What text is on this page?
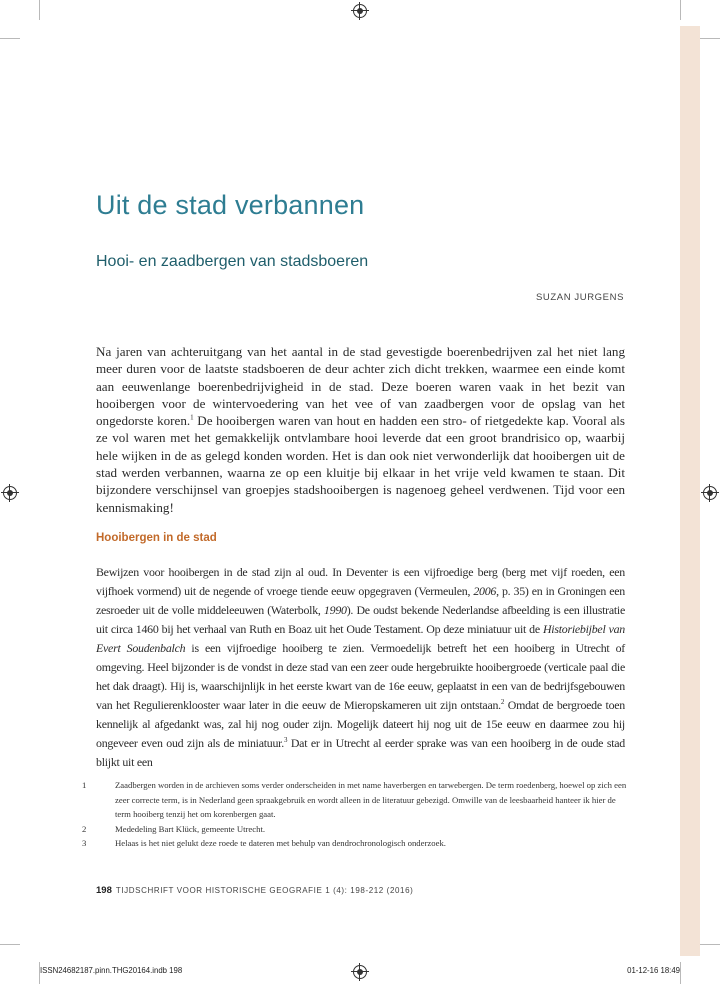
Uit de stad verbannen
Hooi- en zaadbergen van stadsboeren
SUZAN JURGENS

Na jaren van achteruitgang van het aantal in de stad gevestigde boerenbedrijven zal het niet lang meer duren voor de laatste stadsboeren de deur achter zich dicht trekken, waarmee een einde komt aan eeuwenlange boerenbedrijvigheid in de stad. Deze boeren waren vaak in het bezit van hooibergen voor de wintervoedering van het vee of van zaadbergen voor de opslag van het ongedorste koren.$^1$ De hooibergen waren van hout en hadden een stro- of rietgedekte kap. Vooral als ze vol waren met het gemakkelijk ontvlambare hooi leverde dat een groot brandrisico op, waarbij hele wijken in de as gelegd konden worden. Het is dan ook niet verwonderlijk dat hooibergen uit de stad werden verbannen, waarna ze op een kluitje bij elkaar in het vrije veld kwamen te staan. Dit bijzondere verschijnsel van groepjes stadshooibergen is nagenoeg geheel verdwenen. Tijd voor een kennismaking!

Hooibergen in de stad

Bewijzen voor hooibergen in de stad zijn al oud. In Deventer is een vijfroedige berg (berg met vijf roeden, een vijfhoek vormend) uit de negende of vroege tiende eeuw opgegraven (Vermeulen, 2006, p. 35) en in Groningen een zesroeder uit de volle middeleeuwen (Waterbolk, 1990). De oudst bekende Nederlandse afbeelding is een illustratie uit circa 1460 bij het verhaal van Ruth en Boaz uit het Oude Testament. Op deze miniatuur uit de Historiebijbel van Evert Soudenbalch is een vijfroedige hooiberg te zien. Vermoedelijk betreft het een hooiberg in Utrecht of omgeving. Heel bijzonder is de vondst in deze stad van een zeer oude hergebruikte hooibergroede (verticale paal die het dak draagt). Hij is, waarschijnlijk in het eerste kwart van de 16e eeuw, geplaatst in een van de bedrijfsgebouwen van het Regulierenklooster waar later in die eeuw de Mieropskameren uit zijn ontstaan.$^2$ Omdat de bergroede toen kennelijk al afgedankt was, zal hij nog ouder zijn. Mogelijk dateert hij nog uit de 15e eeuw en daarmee zou hij ongeveer even oud zijn als de miniatuur.$^3$ Dat er in Utrecht al eerder sprake was van een hooiberg in de oude stad blijkt uit een

1	Zaadbergen worden in de archieven soms verder onderscheiden in met name haverbergen en tarwebergen. De term roedenberg, hoewel op zich een zeer correcte term, is in Nederland geen spraakgebruik en wordt alleen in de literatuur gebezigd. Omwille van de leesbaarheid hanteer ik hier de term hooiberg tenzij het om korenbergen gaat.
2	Mededeling Bart Klück, gemeente Utrecht.
3	Helaas is het niet gelukt deze roede te dateren met behulp van dendrochronologisch onderzoek.
198 TIJDSCHRIFT VOOR HISTORISCHE GEOGRAFIE 1 (4): 198-212 (2016)
ISSN24682187.pinn.THG20164.indb 198	01-12-16 18:49
